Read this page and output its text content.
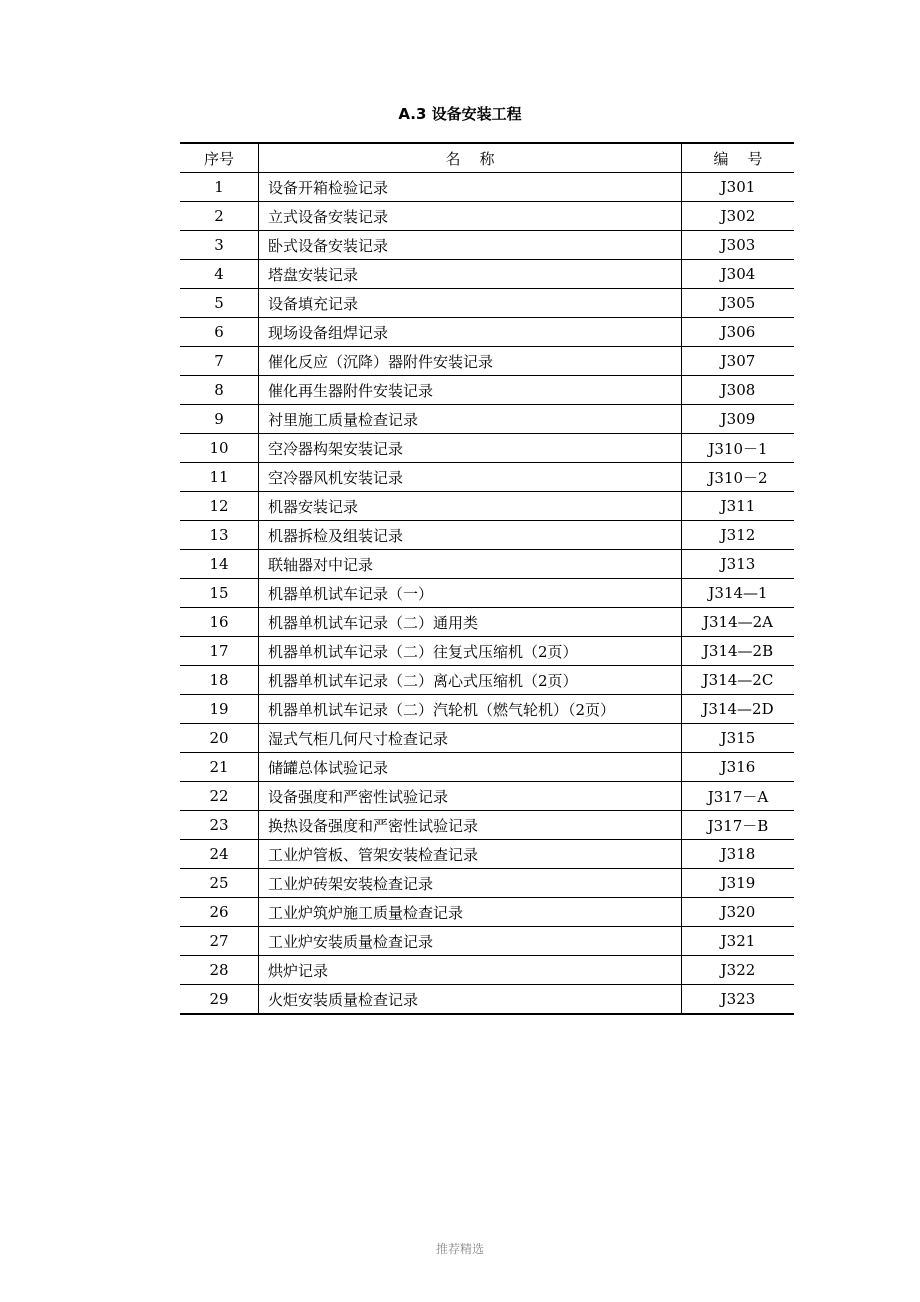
A.3 设备安装工程
序号	名    称	编    号
1	设备开箱检验记录	J301
2	立式设备安装记录	J302
3	卧式设备安装记录	J303
4	塔盘安装记录	J304
5	设备填充记录	J305
6	现场设备组焊记录	J306
7	催化反应（沉降）器附件安装记录	J307
8	催化再生器附件安装记录	J308
9	衬里施工质量检查记录	J309
10	空冷器构架安装记录	J310－1
11	空冷器风机安装记录	J310－2
12	机器安装记录	J311
13	机器拆检及组装记录	J312
14	联轴器对中记录	J313
15	机器单机试车记录（一）	J314—1
16	机器单机试车记录（二）通用类	J314—2A
17	机器单机试车记录（二）往复式压缩机（2页）	J314—2B
18	机器单机试车记录（二）离心式压缩机（2页）	J314—2C
19	机器单机试车记录（二）汽轮机（燃气轮机）（2页）	J314—2D
20	湿式气柜几何尺寸检查记录	J315
21	储罐总体试验记录	J316
22	设备强度和严密性试验记录	J317－A
23	换热设备强度和严密性试验记录	J317－B
24	工业炉管板、管架安装检查记录	J318
25	工业炉砖架安装检查记录	J319
26	工业炉筑炉施工质量检查记录	J320
27	工业炉安装质量检查记录	J321
28	烘炉记录	J322
29	火炬安装质量检查记录	J323
推荐精选
